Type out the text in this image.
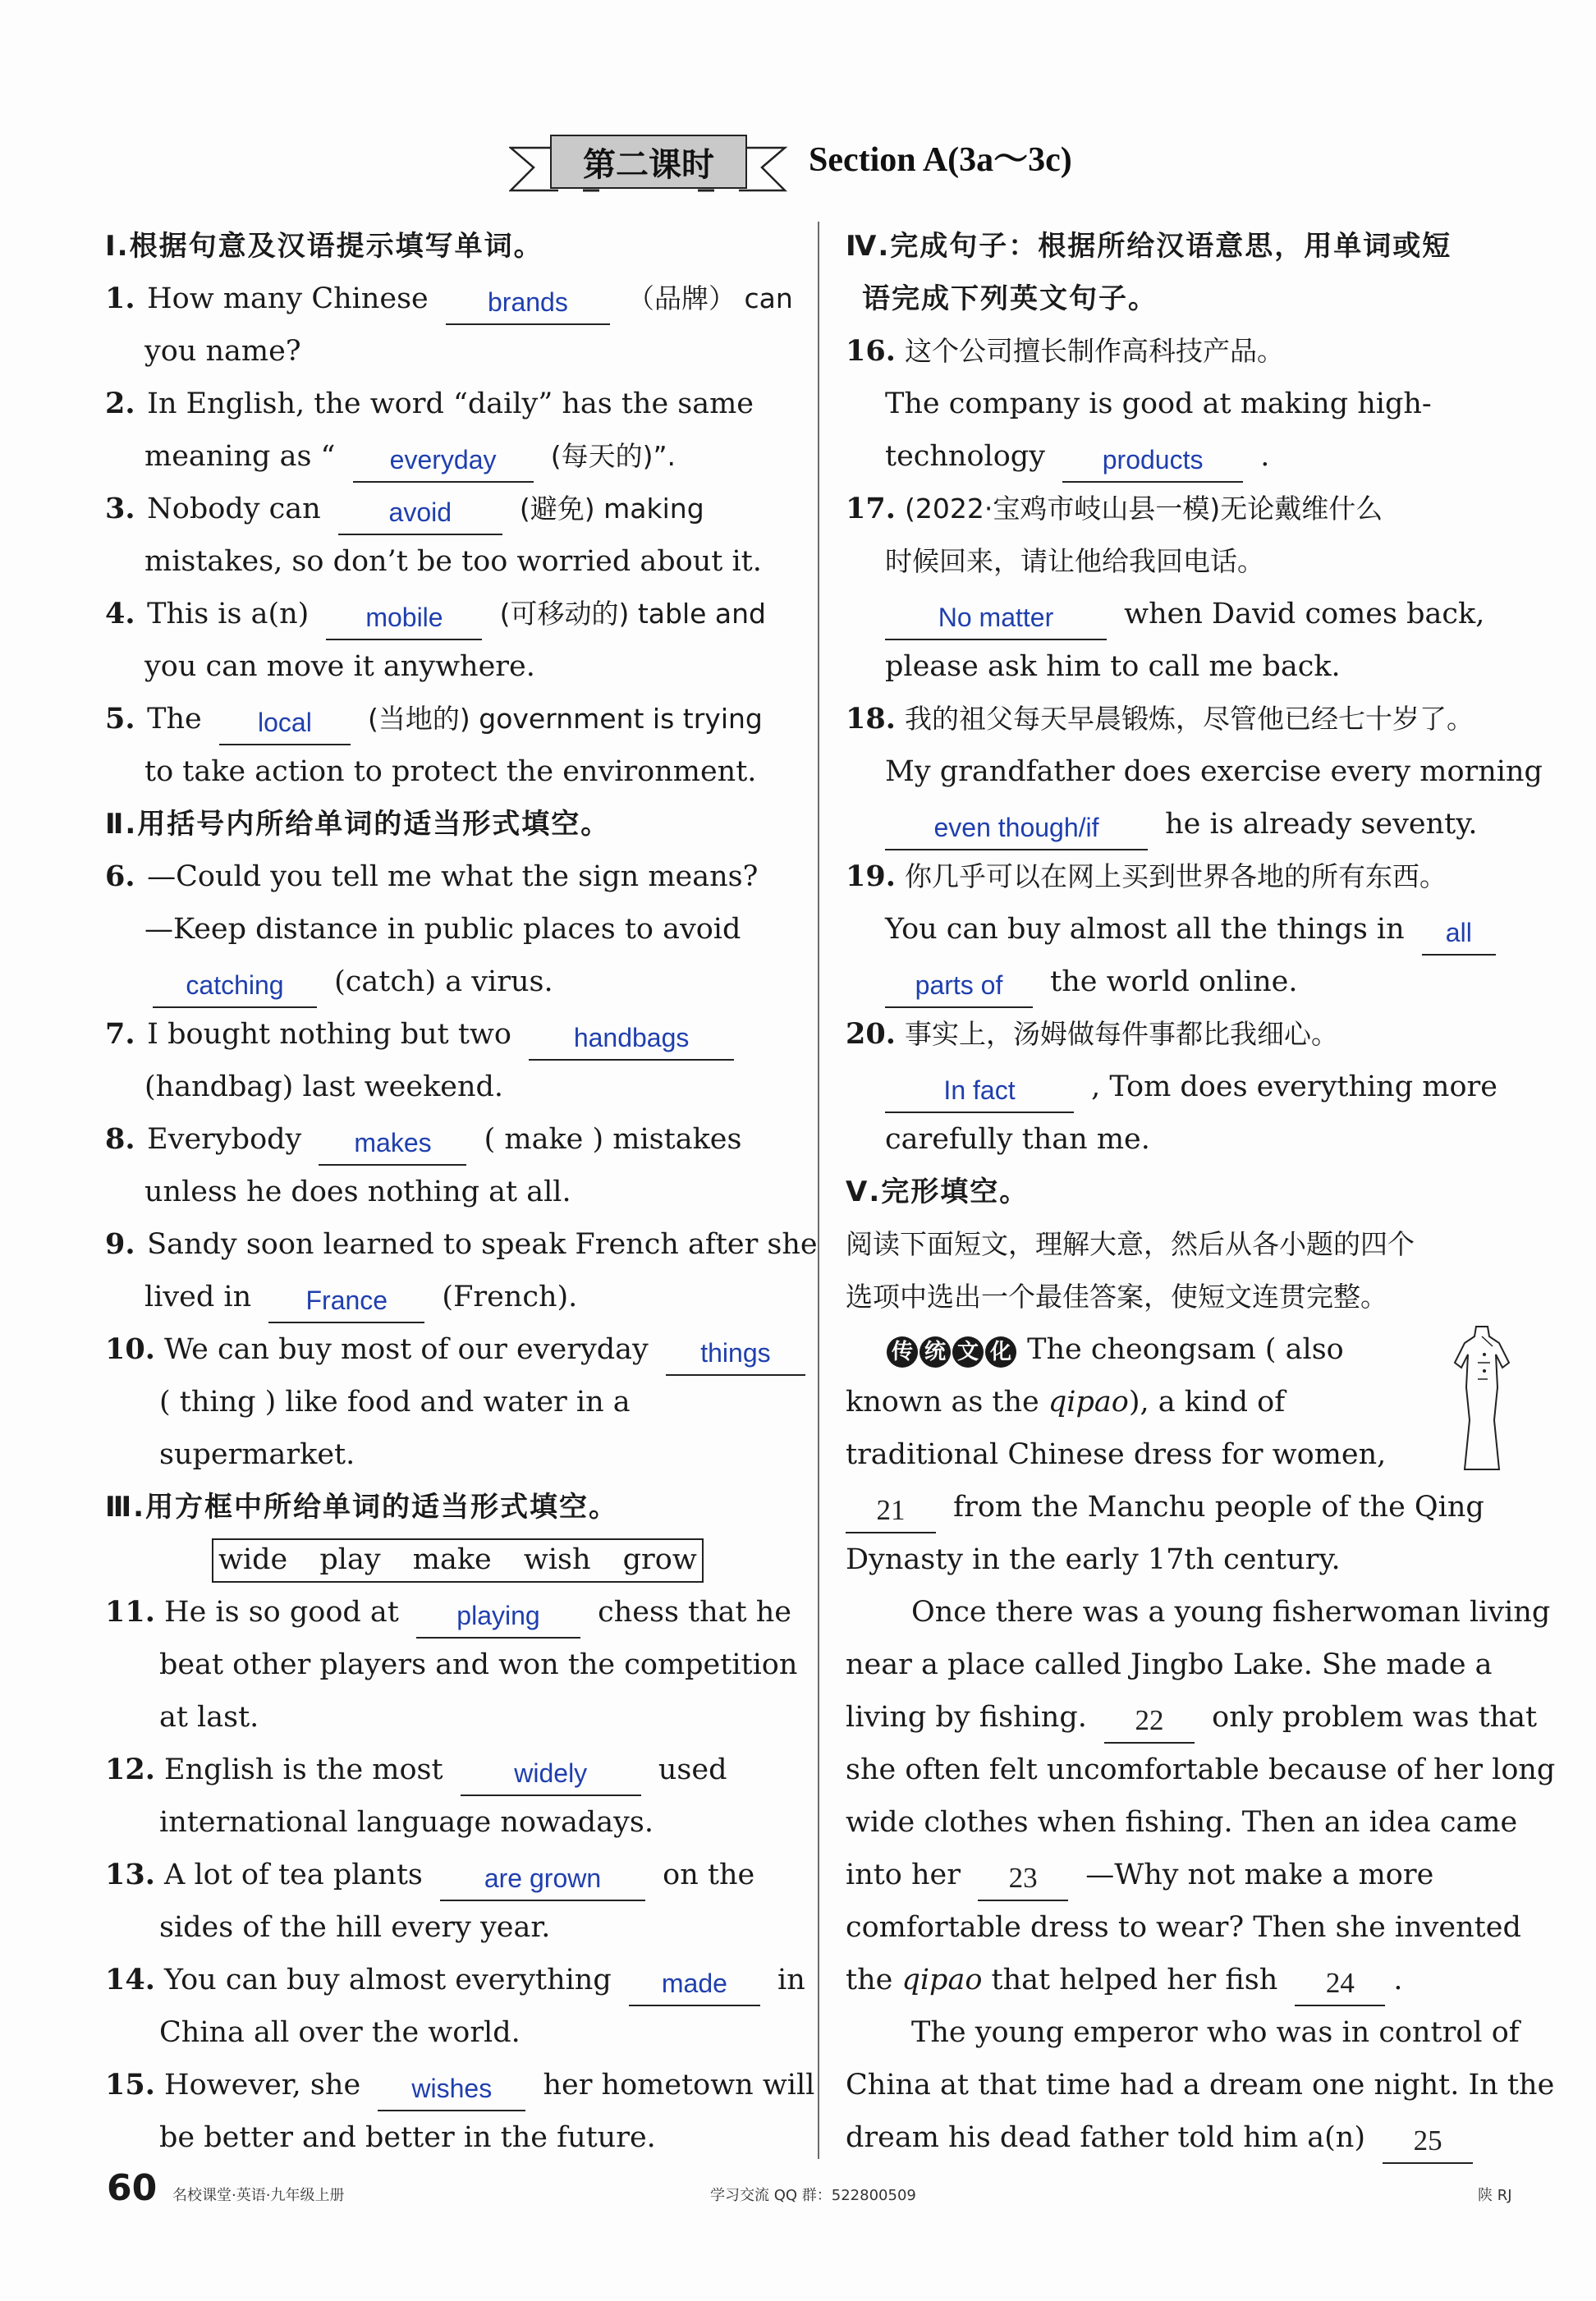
第二课时	Section A(3a～3c)
Ⅰ.根据句意及汉语提示填写单词。
1. How many Chinese brands （品牌） can
you name?
2. In English, the word “daily” has the same
meaning as “ everyday (每天的)”.
3. Nobody can	avoid	(避免) making
mistakes, so don’t be too worried about it.
4. This is a(n) mobile (可移动的) table and
you can move it anywhere.
5. The local (当地的) government is trying
to take action to protect the environment.
Ⅱ.用括号内所给单词的适当形式填空。
6. —Could you tell me what the sign means?
—Keep distance in public places to avoid
catching (catch) a virus.
7. I bought nothing but two handbags
(handbag) last weekend.
8. Everybody makes ( make ) mistakes
unless he does nothing at all.
9. Sandy soon learned to speak French after she
lived in France (French).
10. We can buy most of our everyday things
( thing ) like food and water in a
supermarket.
Ⅲ.用方框中所给单词的适当形式填空。
wide play make wish grow
11. He is so good at playing chess that he
beat other players and won the competition
at last.
12. English is the most	widely used
international language nowadays.
13. A lot of tea plants are grown on the
sides of the hill every year.
14. You can buy almost everything made in
China all over the world.
15. However, she wishes her hometown will
be better and better in the future.
Ⅳ.完成句子：根据所给汉语意思，用单词或短
语完成下列英文句子。
16. 这个公司擅长制作高科技产品。
The company is good at making high-
technology products .
17. (2022·宝鸡市岐山县一模)无论戴维什么
时候回来，请让他给我回电话。
No matter when David comes back,
please ask him to call me back.
18. 我的祖父每天早晨锻炼，尽管他已经七十岁了。
My grandfather does exercise every morning
even though/if he is already seventy.
19. 你几乎可以在网上买到世界各地的所有东西。
You can buy almost all the things in all
parts of the world online.
20. 事实上，汤姆做每件事都比我细心。
In fact	, Tom does everything more
carefully than me.
Ⅴ.完形填空。
阅读下面短文，理解大意，然后从各小题的四个
选项中选出一个最佳答案，使短文连贯完整。
传 统 文 化 The cheongsam ( also
known as the qipao), a kind of
traditional Chinese dress for women,
21 from the Manchu people of the Qing
Dynasty in the early 17th century.
Once there was a young fisherwoman living
near a place called Jingbo Lake. She made a
living by fishing. 22 only problem was that
she often felt uncomfortable because of her long
wide clothes when fishing. Then an idea came
into her 23 —Why not make a more
comfortable dress to wear? Then she invented
the qipao that helped her fish 24 .
The young emperor who was in control of
China at that time had a dream one night. In the
dream his dead father told him a(n) 25
60 名校课堂·英语·九年级上册	学习交流 QQ 群：522800509	陕 RJ
